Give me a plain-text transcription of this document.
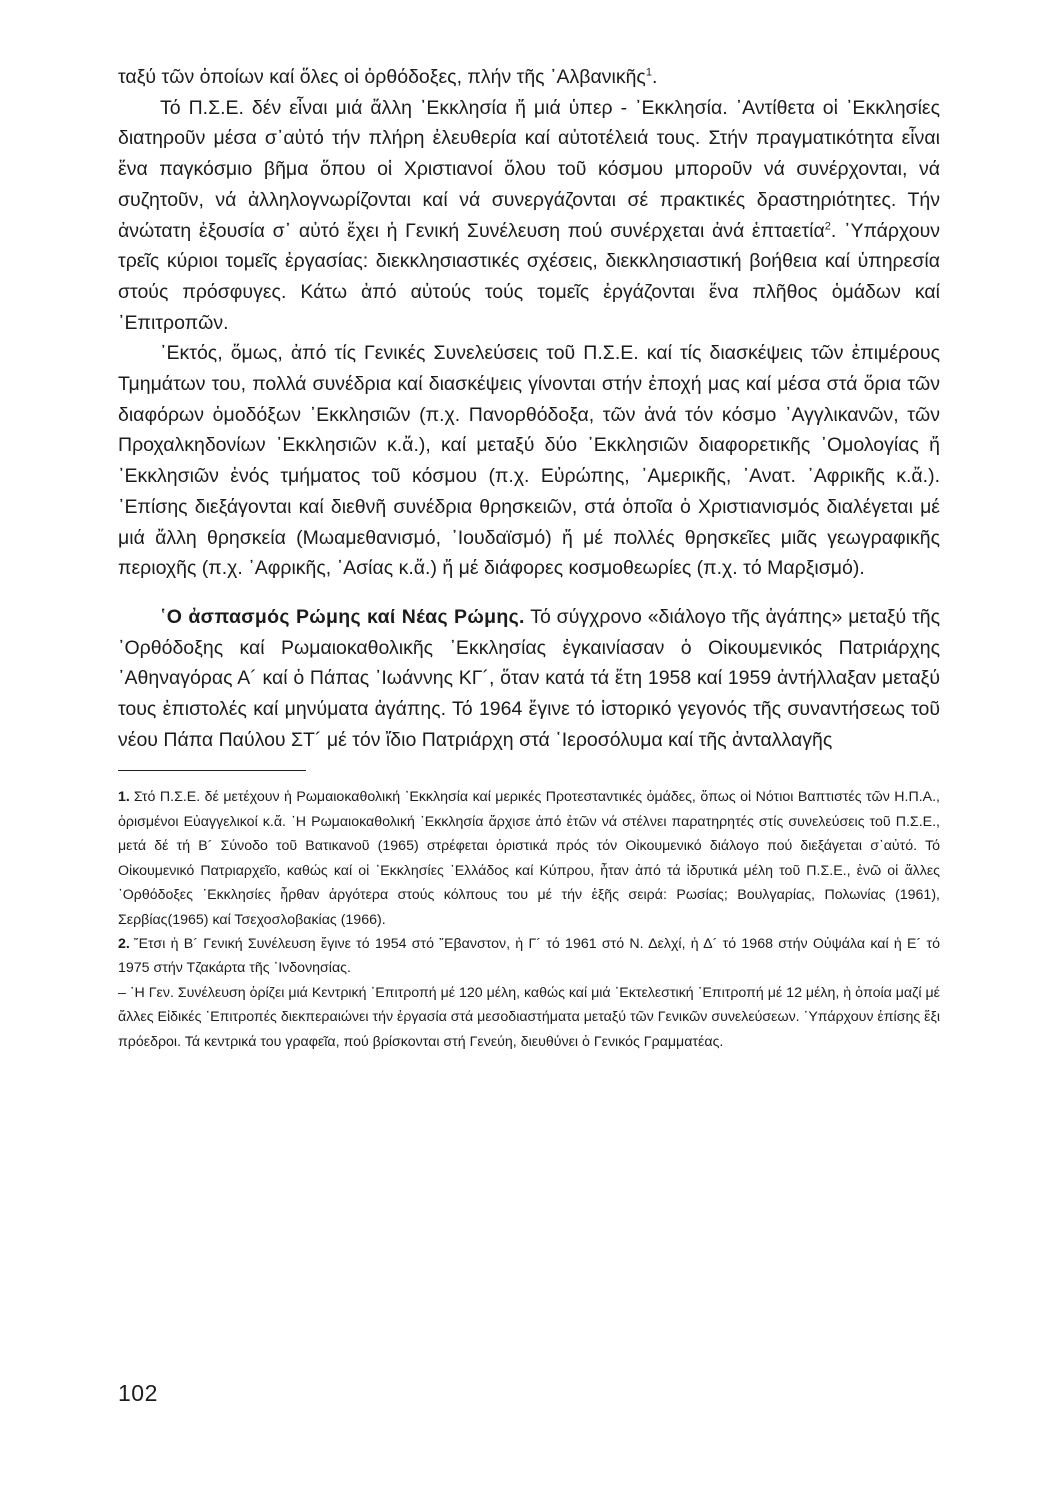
ταξύ τῶν ὁποίων καί ὅλες οἱ ὀρθόδοξες, πλήν τῆς ᾿Αλβανικῆς$^1$.

Τό Π.Σ.Ε. δέν εἶναι μιά ἄλλη ᾿Εκκλησία ἤ μιά ὑπερ - ᾿Εκκλησία. ᾿Αντίθετα οἱ ᾿Εκκλησίες διατηροῦν μέσα σ᾿αὐτό τήν πλήρη ἐλευθερία καί αὐτοτέλειά τους. Στήν πραγματικότητα εἶναι ἕνα παγκόσμιο βῆμα ὅπου οἱ Χριστιανοί ὅλου τοῦ κόσμου μποροῦν νά συνέρχονται, νά συζητοῦν, νά ἀλληλογνωρίζονται καί νά συνεργάζονται σέ πρακτικές δραστηριότητες. Τήν ἀνώτατη ἐξουσία σ᾿ αὐτό ἔχει ἡ Γενική Συνέλευση πού συνέρχεται ἀνά ἑπταετία$^2$. ᾿Υπάρχουν τρεῖς κύριοι τομεῖς ἐργασίας: διεκκλησιαστικές σχέσεις, διεκκλησιαστική βοήθεια καί ὑπηρεσία στούς πρόσφυγες. Κάτω ἀπό αὐτούς τούς τομεῖς ἐργάζονται ἕνα πλῆθος ὁμάδων καί ᾿Επιτροπῶν.

᾿Εκτός, ὅμως, ἀπό τίς Γενικές Συνελεύσεις τοῦ Π.Σ.Ε. καί τίς διασκέψεις τῶν ἐπιμέρους Τμημάτων του, πολλά συνέδρια καί διασκέψεις γίνονται στήν ἐποχή μας καί μέσα στά ὅρια τῶν διαφόρων ὁμοδόξων ᾿Εκκλησιῶν (π.χ. Πανορθόδοξα, τῶν ἀνά τόν κόσμο ᾿Αγγλικανῶν, τῶν Προχαλκηδονίων ᾿Εκκλησιῶν κ.ἄ.), καί μεταξύ δύο ᾿Εκκλησιῶν διαφορετικῆς ᾿Ομολογίας ἤ ᾿Εκκλησιῶν ἑνός τμήματος τοῦ κόσμου (π.χ. Εὐρώπης, ᾿Αμερικῆς, ᾿Ανατ. ᾿Αφρικῆς κ.ἄ.). ᾿Επίσης διεξάγονται καί διεθνῆ συνέδρια θρησκειῶν, στά ὁποῖα ὁ Χριστιανισμός διαλέγεται μέ μιά ἄλλη θρησκεία (Μωαμεθανισμό, ᾿Ιουδαϊσμό) ἤ μέ πολλές θρησκεῖες μιᾶς γεωγραφικῆς περιοχῆς (π.χ. ᾿Αφρικῆς, ᾿Ασίας κ.ἄ.) ἤ μέ διάφορες κοσμοθεωρίες (π.χ. τό Μαρξισμό).

῾Ο ἀσπασμός Ρώμης καί Νέας Ρώμης. Τό σύγχρονο «διάλογο τῆς ἀγάπης» μεταξύ τῆς ᾿Ορθόδοξης καί Ρωμαιοκαθολικῆς ᾿Εκκλησίας ἐγκαινίασαν ὁ Οἰκουμενικός Πατριάρχης ᾿Αθηναγόρας Α´ καί ὁ Πάπας ᾿Ιωάννης ΚΓ´, ὅταν κατά τά ἔτη 1958 καί 1959 ἀντήλλαξαν μεταξύ τους ἐπιστολές καί μηνύματα ἀγάπης. Τό 1964 ἔγινε τό ἱστορικό γεγονός τῆς συναντήσεως τοῦ νέου Πάπα Παύλου ΣΤ´ μέ τόν ἴδιο Πατριάρχη στά ῾Ιεροσόλυμα καί τῆς ἀνταλλαγῆς

1. Στό Π.Σ.Ε. δέ μετέχουν ἡ Ρωμαιοκαθολική ᾿Εκκλησία καί μερικές Προτεσταντικές ὁμάδες, ὅπως οἱ Νότιοι Βαπτιστές τῶν Η.Π.Α., ὁρισμένοι Εὐαγγελικοί κ.ἄ. ῾Η Ρωμαιοκαθολική ᾿Εκκλησία ἄρχισε ἀπό ἐτῶν νά στέλνει παρατηρητές στίς συνελεύσεις τοῦ Π.Σ.Ε., μετά δέ τή Β´ Σύνοδο τοῦ Βατικανοῦ (1965) στρέφεται ὁριστικά πρός τόν Οἰκουμενικό διάλογο πού διεξάγεται σ᾿αὐτό. Τό Οἰκουμενικό Πατριαρχεῖο, καθώς καί οἱ ᾿Εκκλησίες ᾿Ελλάδος καί Κύπρου, ἦταν ἀπό τά ἱδρυτικά μέλη τοῦ Π.Σ.Ε., ἐνῶ οἱ ἄλλες ᾿Ορθόδοξες ᾿Εκκλησίες ἦρθαν ἀργότερα στούς κόλπους του μέ τήν ἑξῆς σειρά: Ρωσίας; Βουλγαρίας, Πολωνίας (1961), Σερβίας(1965) καί Τσεχοσλοβακίας (1966).

2. ῎Ετσι ἡ Β´ Γενική Συνέλευση ἔγινε τό 1954 στό ῎Εβανστον, ἡ Γ´ τό 1961 στό Ν. Δελχί, ἡ Δ´ τό 1968 στήν Οὐψάλα καί ἡ Ε´ τό 1975 στήν Τζακάρτα τῆς ᾿Ινδονησίας.

– ῾Η Γεν. Συνέλευση ὁρίζει μιά Κεντρική ᾿Επιτροπή μέ 120 μέλη, καθώς καί μιά ᾿Εκτελεστική ᾿Επιτροπή μέ 12 μέλη, ἡ ὁποία μαζί μέ ἄλλες Εἰδικές ᾿Επιτροπές διεκπεραιώνει τήν ἐργασία στά μεσοδιαστήματα μεταξύ τῶν Γενικῶν συνελεύσεων. ῾Υπάρχουν ἐπίσης ἕξι πρόεδροι. Τά κεντρικά του γραφεῖα, πού βρίσκονται στή Γενεύη, διευθύνει ὁ Γενικός Γραμματέας.

102
